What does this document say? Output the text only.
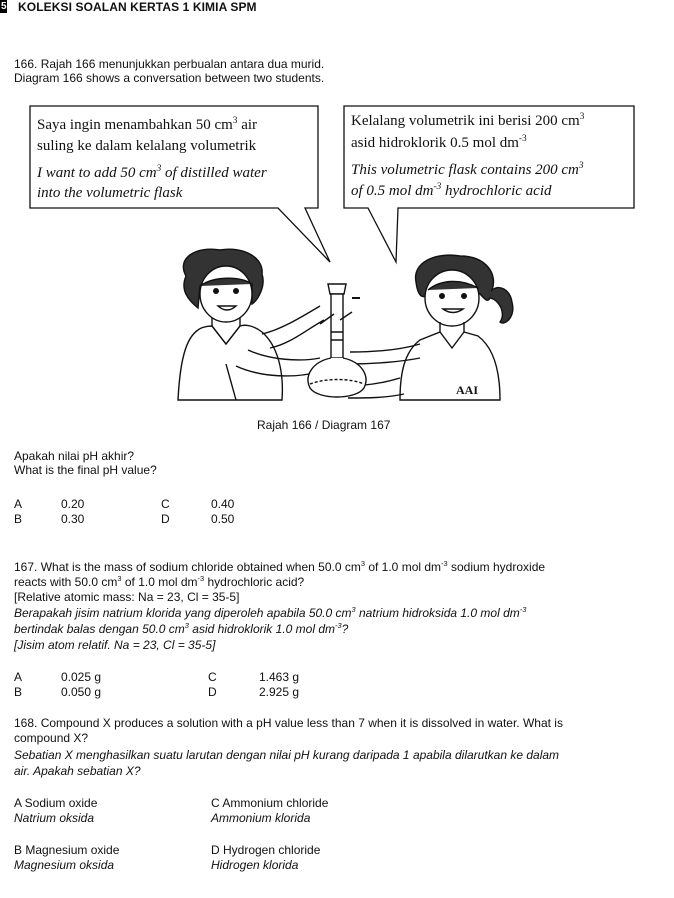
5 KOLEKSI SOALAN KERTAS 1 KIMIA SPM
166. Rajah 166 menunjukkan perbualan antara dua murid.
Diagram 166 shows a conversation between two students.
Saya ingin menambahkan 50 $cm^3$ air
suling ke dalam kelalang volumetrik
I want to add 50 $cm^3$ of distilled water
into the volumetric flask
Kelalang volumetrik ini berisi 200 $cm^3$
asid hidroklorik 0.5 mol $dm^{-3}$
This volumetric flask contains 200 $cm^3$
of 0.5 mol $dm^{-3}$ hydrochloric acid
AAI
Rajah 166 / Diagram 167
Apakah nilai pH akhir?
What is the final pH value?
A	0.20
B	0.30
C	0.40
D	0.50
167. What is the mass of sodium chloride obtained when 50.0 $cm^3$ of 1.0 mol $dm^{-3}$ sodium hydroxide
reacts with 50.0 $cm^3$ of 1.0 mol $dm^{-3}$ hydrochloric acid?
[Relative atomic mass: Na = 23, Cl = 35-5]
Berapakah jisim natrium klorida yang diperoleh apabila 50.0 $cm^3$ natrium hidroksida 1.0 mol $dm^{-3}$
bertindak balas dengan 50.0 $cm^3$ asid hidroklorik 1.0 mol $dm^{-3}$?
[Jisim atom relatif. Na = 23, Cl = 35-5]
A	0.025 g
B	0.050 g
C	1.463 g
D	2.925 g
168. Compound X produces a solution with a pH value less than 7 when it is dissolved in water. What is
compound X?
Sebatian X menghasilkan suatu larutan dengan nilai pH kurang daripada 1 apabila dilarutkan ke dalam
air. Apakah sebatian X?
A Sodium oxide
Natrium oksida
B Magnesium oxide
Magnesium oksida
C Ammonium chloride
Ammonium klorida
D Hydrogen chloride
Hidrogen klorida
